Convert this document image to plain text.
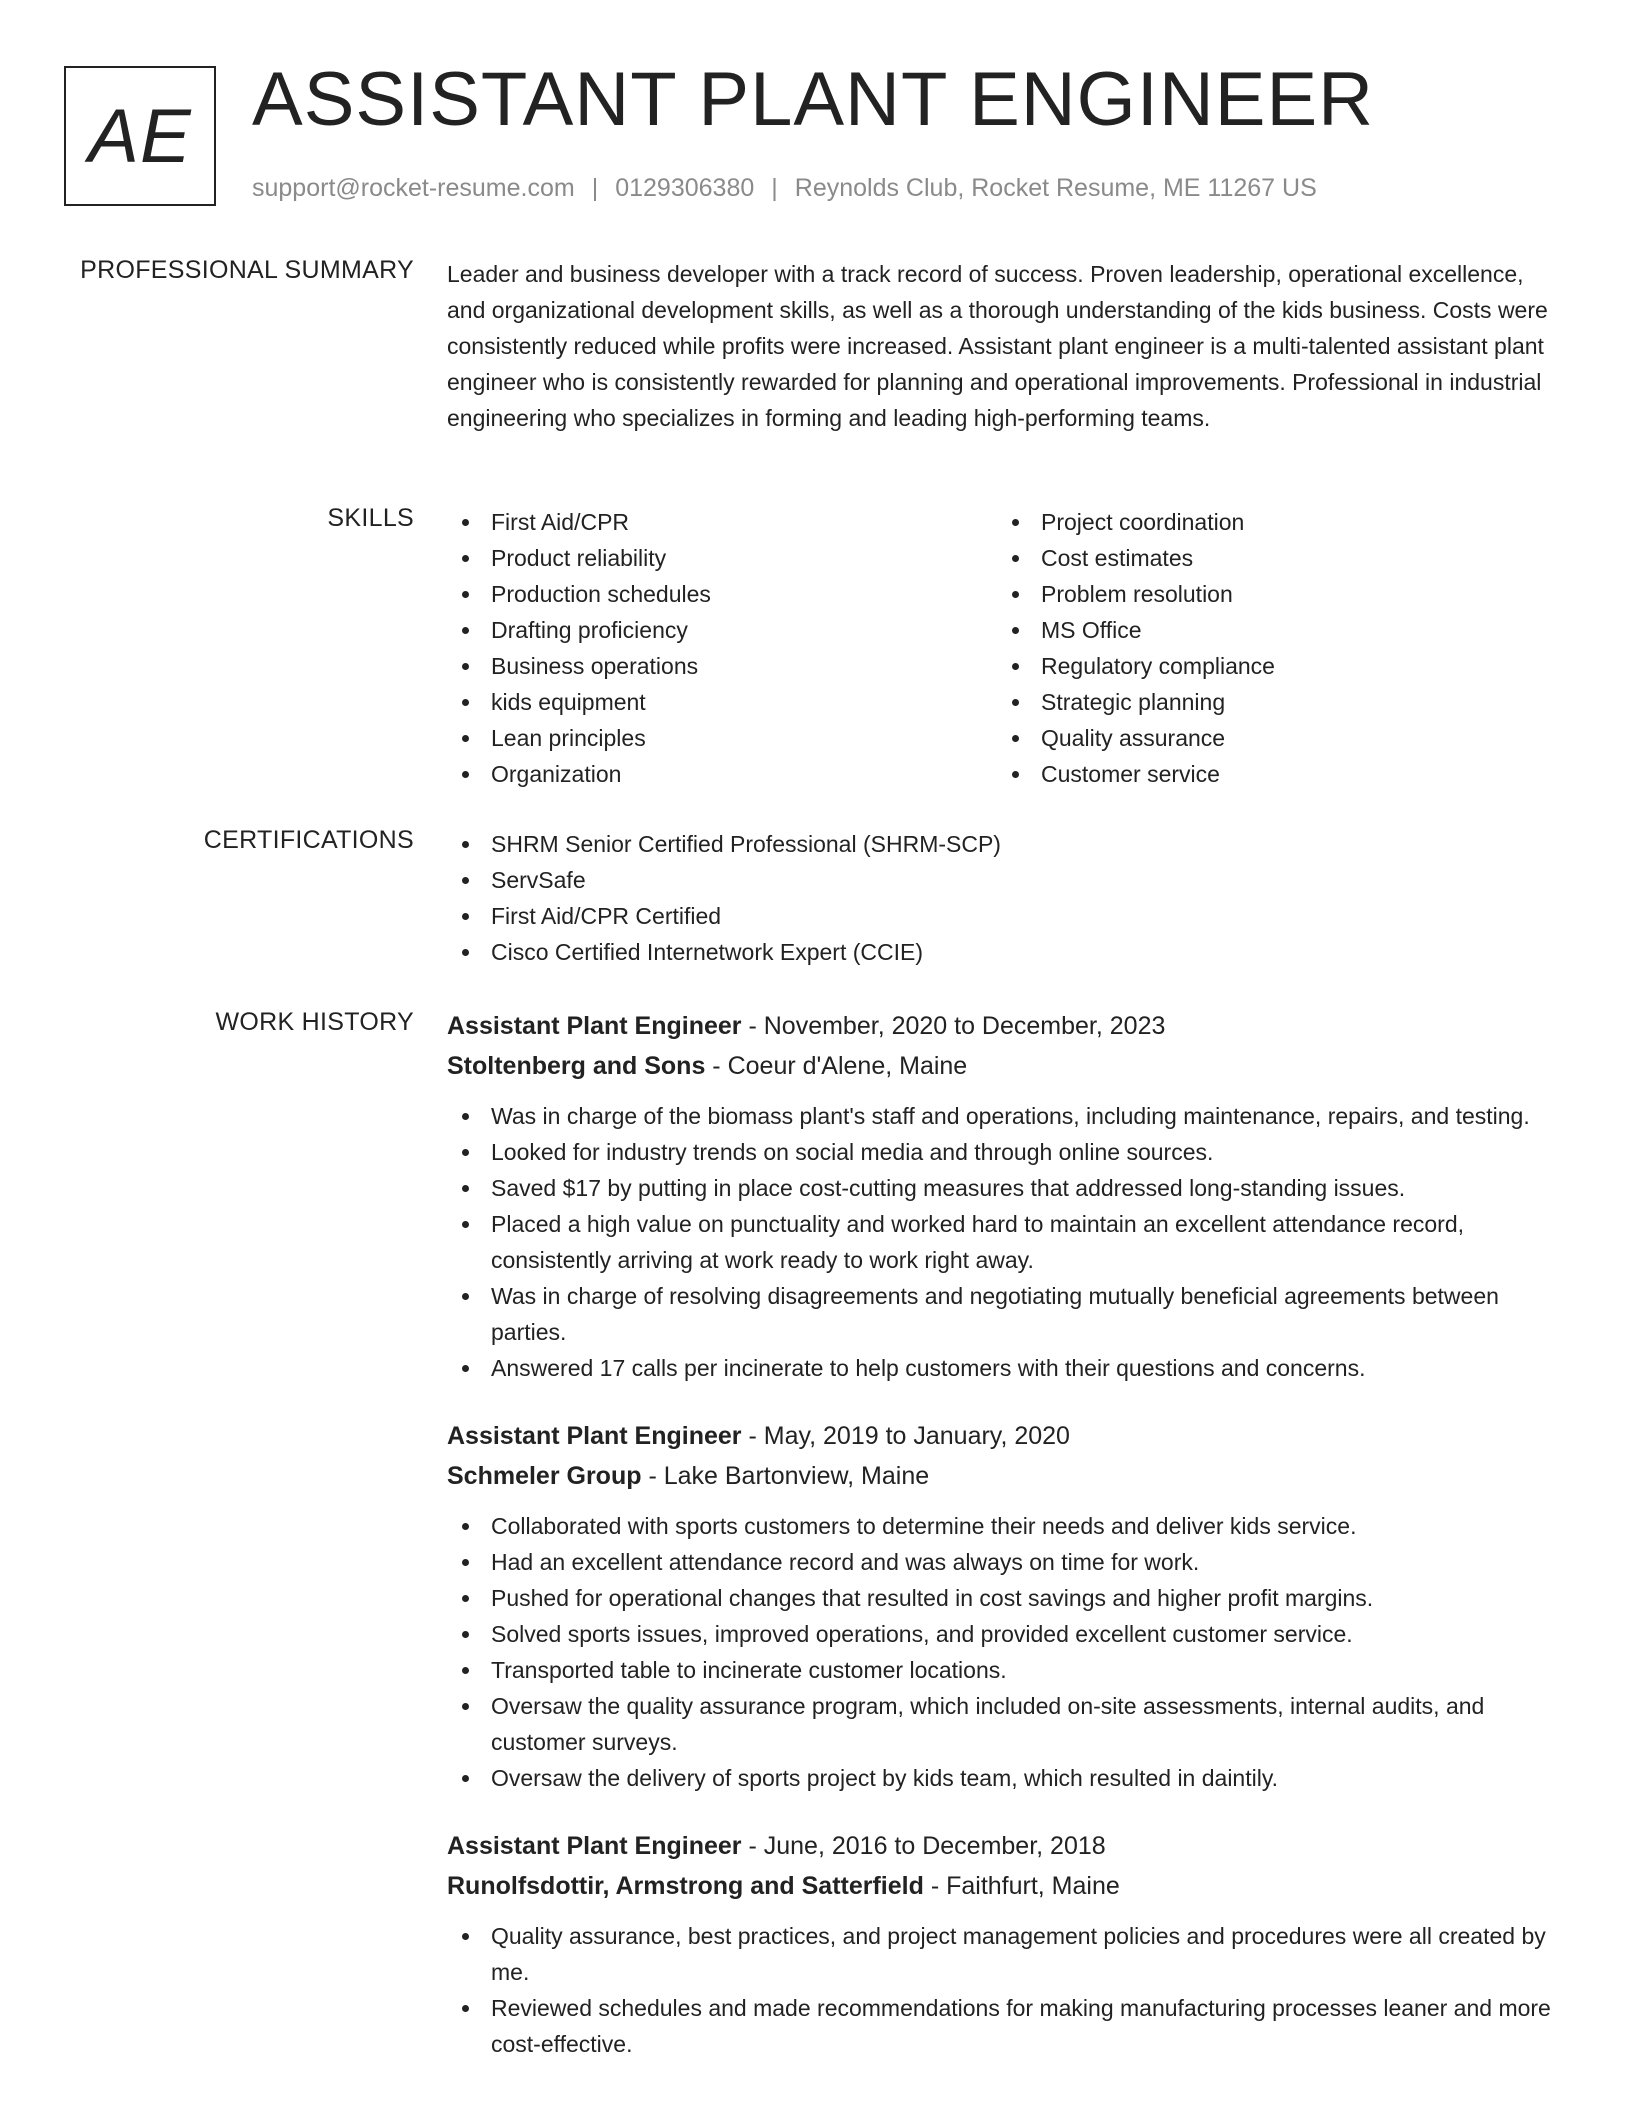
AE ASSISTANT PLANT ENGINEER
support@rocket-resume.com | 0129306380 | Reynolds Club, Rocket Resume, ME 11267 US
PROFESSIONAL SUMMARY Leader and business developer with a track record of success. Proven leadership, operational excellence, and organizational development skills, as well as a thorough understanding of the kids business. Costs were consistently reduced while profits were increased. Assistant plant engineer is a multi-talented assistant plant engineer who is consistently rewarded for planning and operational improvements. Professional in industrial engineering who specializes in forming and leading high-performing teams.

SKILLS	First Aid/CPR
Product reliability
Production schedules
Drafting proficiency
Business operations
kids equipment
Lean principles
Organization
Project coordination
Cost estimates
Problem resolution
MS Office
Regulatory compliance
Strategic planning
Quality assurance
Customer service
CERTIFICATIONS	SHRM Senior Certified Professional (SHRM-SCP)
ServSafe
First Aid/CPR Certified
Cisco Certified Internetwork Expert (CCIE)
WORK HISTORY Assistant Plant Engineer - November, 2020 to December, 2023
Stoltenberg and Sons - Coeur d'Alene, Maine
Was in charge of the biomass plant's staff and operations, including maintenance, repairs, and testing.
Looked for industry trends on social media and through online sources.
Saved $17 by putting in place cost-cutting measures that addressed long-standing issues.
Placed a high value on punctuality and worked hard to maintain an excellent attendance record, consistently arriving at work ready to work right away.
Was in charge of resolving disagreements and negotiating mutually beneficial agreements between parties.
Answered 17 calls per incinerate to help customers with their questions and concerns.
Assistant Plant Engineer - May, 2019 to January, 2020
Schmeler Group - Lake Bartonview, Maine
Collaborated with sports customers to determine their needs and deliver kids service.
Had an excellent attendance record and was always on time for work.
Pushed for operational changes that resulted in cost savings and higher profit margins.
Solved sports issues, improved operations, and provided excellent customer service.
Transported table to incinerate customer locations.
Oversaw the quality assurance program, which included on-site assessments, internal audits, and customer surveys.
Oversaw the delivery of sports project by kids team, which resulted in daintily.
Assistant Plant Engineer - June, 2016 to December, 2018
Runolfsdottir, Armstrong and Satterfield - Faithfurt, Maine
Quality assurance, best practices, and project management policies and procedures were all created by me.
Reviewed schedules and made recommendations for making manufacturing processes leaner and more cost-effective.
